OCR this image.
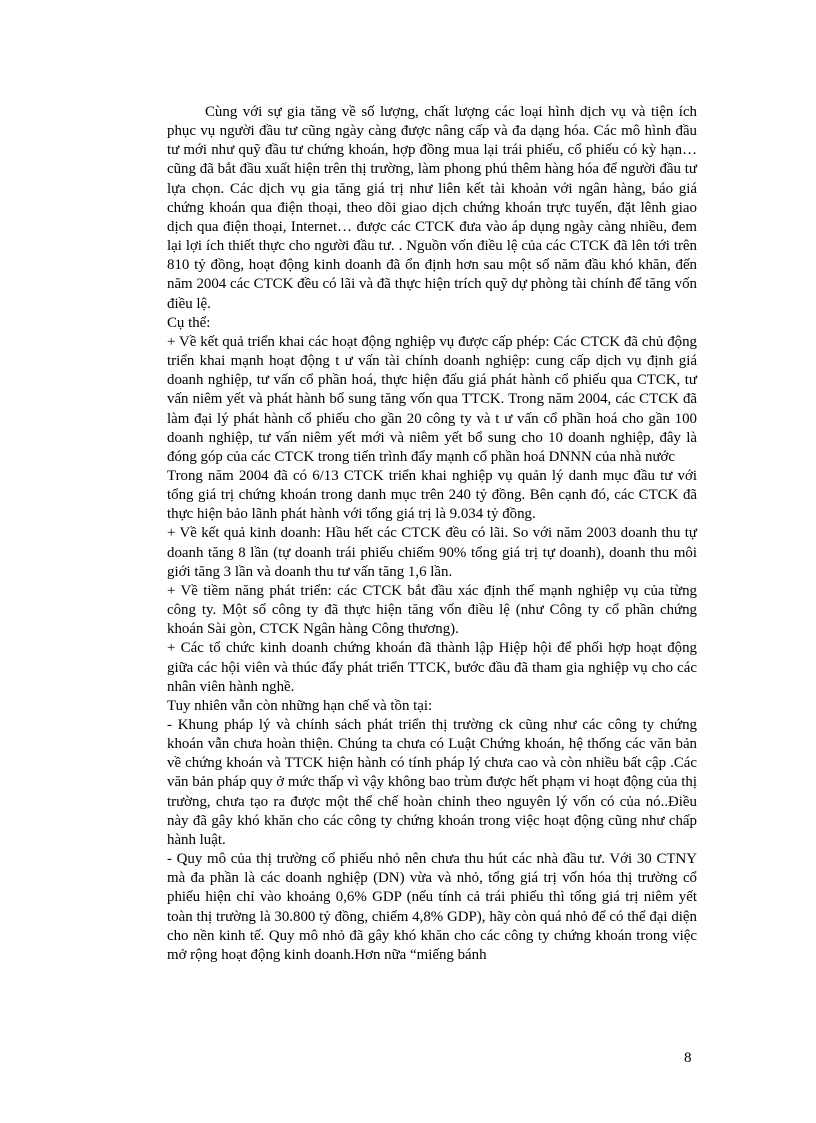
Cùng với sự gia tăng về số lượng, chất lượng các loại hình dịch vụ và tiện ích phục vụ người đầu tư cũng ngày càng được nâng cấp và đa dạng hóa. Các mô hình đầu tư mới như quỹ đầu tư chứng khoán, hợp đồng mua lại trái phiếu, cổ phiếu có kỳ hạn… cũng đã bắt đầu xuất hiện trên thị trường, làm phong phú thêm hàng hóa để người đầu tư lựa chọn. Các dịch vụ gia tăng giá trị như liên kết tài khoản với ngân hàng, báo giá chứng khoán qua điện thoại, theo dõi giao dịch chứng khoán trực tuyến, đặt lênh giao dịch qua điện thoại, Internet… được các CTCK đưa vào áp dụng ngày càng nhiều, đem lại lợi ích thiết thực cho người đầu tư. . Nguồn vốn điều lệ của các CTCK đã lên tới trên 810 tỷ đồng, hoạt động kinh doanh đã ổn định hơn sau một số năm đầu khó khăn, đến năm 2004 các CTCK đều có lãi và đã thực hiện trích quỹ dự phòng tài chính để tăng vốn điều lệ.

Cụ thể:

+ Về kết quả triển khai các hoạt động nghiệp vụ được cấp phép: Các CTCK đã chủ động triển khai mạnh hoạt động t ư vấn tài chính doanh nghiệp: cung cấp dịch vụ định giá doanh nghiệp, tư vấn cổ phần hoá, thực hiện đấu giá phát hành cổ phiếu qua CTCK, tư vấn niêm yết và phát hành bổ sung tăng vốn qua TTCK. Trong năm 2004, các CTCK đã làm đại lý phát hành cổ phiếu cho gần 20 công ty và t ư vấn cổ phần hoá cho gần 100 doanh nghiệp, tư vấn niêm yết mới và niêm yết bổ sung cho 10 doanh nghiệp, đây là đóng góp của các CTCK trong tiến trình đẩy mạnh cổ phần hoá DNNN của nhà nước

Trong năm 2004 đã có 6/13 CTCK triển khai nghiệp vụ quản lý danh mục đầu tư với tổng giá trị chứng khoán trong danh mục trên 240 tỷ đồng. Bên cạnh đó, các CTCK đã thực hiện bảo lãnh phát hành với tổng giá trị là 9.034 tỷ đồng.

+ Về kết quả kinh doanh: Hầu hết các CTCK đều có lãi. So với năm 2003 doanh thu tự doanh tăng 8 lần (tự doanh trái phiếu chiếm 90% tổng giá trị tự doanh), doanh thu môi giới tăng 3 lần và doanh thu tư vấn tăng 1,6 lần.

+ Về tiềm năng phát triển: các CTCK bắt đầu xác định thế mạnh nghiệp vụ của từng công ty. Một số công ty đã thực hiện tăng vốn điều lệ (như Công ty cổ phần chứng khoán Sài gòn, CTCK Ngân hàng Công thương).

+ Các tổ chức kinh doanh chứng khoán đã thành lập Hiệp hội để phối hợp hoạt động giữa các hội viên và thúc đẩy phát triển TTCK, bước đầu đã tham gia nghiệp vụ cho các nhân viên hành nghề.

Tuy nhiên vẫn còn những hạn chế và tồn tại:

- Khung pháp lý và chính sách phát triển thị trường ck cũng như các công ty chứng khoán vẫn chưa hoàn thiện. Chúng ta chưa có Luật Chứng khoán, hệ thống các văn bản về chứng khoán và TTCK hiện hành có tính pháp lý chưa cao và còn nhiều bất cập .Các văn bản pháp quy ở mức thấp vì vậy không bao trùm được hết phạm vi hoạt động của thị trường, chưa tạo ra được một thể chế hoàn chỉnh theo nguyên lý vốn có của nó..Điều này đã gây khó khăn cho các công ty chứng khoán trong việc hoạt động cũng như chấp hành luật.

- Quy mô của thị trường cổ phiếu nhỏ nên chưa thu hút các nhà đầu tư. Với 30 CTNY mà đa phần là các doanh nghiệp (DN) vừa và nhỏ, tổng giá trị vốn hóa thị trường cổ phiếu hiện chỉ vào khoảng 0,6% GDP (nếu tính cả trái phiếu thì tổng giá trị niêm yết toàn thị trường là 30.800 tỷ đồng, chiếm 4,8% GDP), hãy còn quá nhỏ để có thể đại diện cho nền kinh tế. Quy mô nhỏ đã gây khó khăn cho các công ty chứng khoán trong việc mở rộng hoạt động kinh doanh.Hơn nữa “miếng bánh

8
